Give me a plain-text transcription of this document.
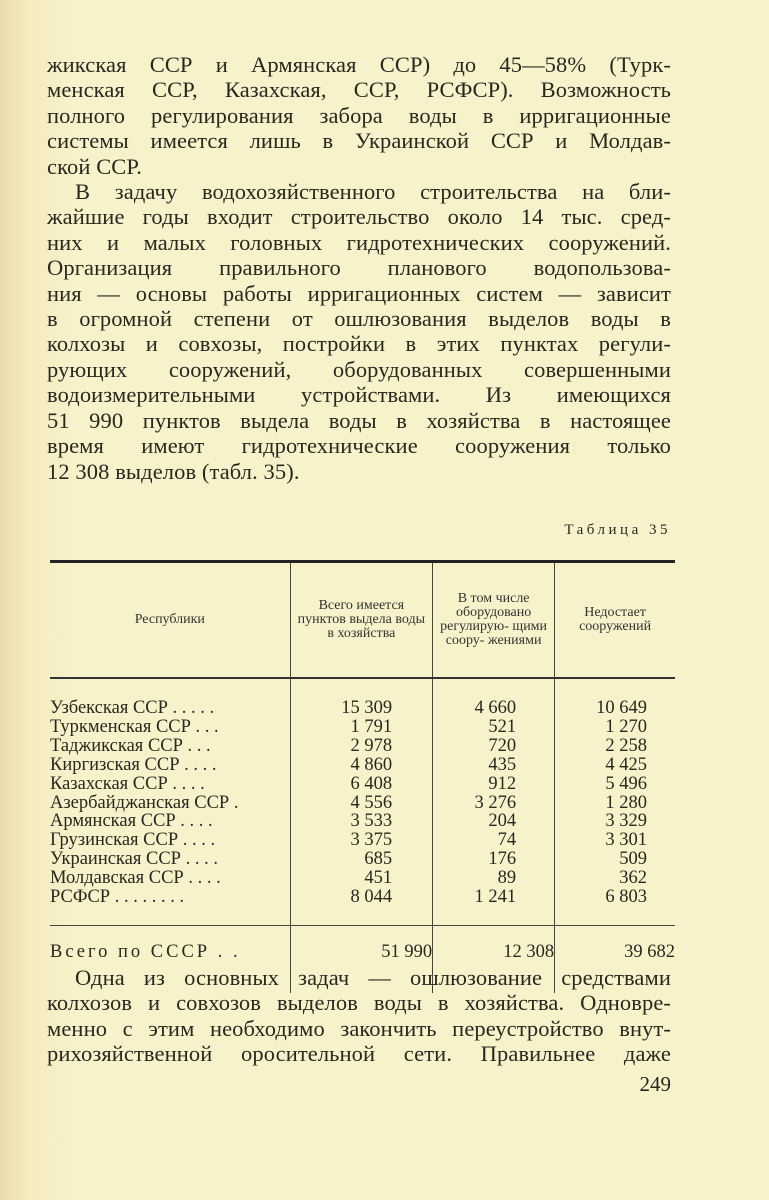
жикская ССР и Армянская ССР) до 45—58% (Турк-
менская ССР, Казахская, ССР, РСФСР). Возможность
полного регулирования забора воды в ирригационные
системы имеется лишь в Украинской ССР и Молдав-
ской ССР.

В задачу водохозяйственного строительства на бли-
жайшие годы входит строительство около 14 тыс. сред-
них и малых головных гидротехнических сооружений.
Организация правильного планового водопользова-
ния — основы работы ирригационных систем — зависит
в огромной степени от ошлюзования выделов воды в
колхозы и совхозы, постройки в этих пунктах регули-
рующих сооружений, оборудованных совершенными
водоизмерительными устройствами. Из имеющихся
51 990 пунктов выдела воды в хозяйства в настоящее
время имеют гидротехнические сооружения только
12 308 выделов (табл. 35).

Таблица 35
Республики	Всего имеется пунктов выдела воды в хозяйства	В том числе оборудовано регулирую- щими соору- жениями	Недостает сооружений

Узбекская ССР . . . . .	15 309	4 660	10 649
Туркменская ССР . . .	1 791	521	1 270
Таджикская ССР . . .	2 978	720	2 258
Киргизская ССР . . . .	4 860	435	4 425
Казахская ССР . . . .	6 408	912	5 496
Азербайджанская ССР .	4 556	3 276	1 280
Армянская ССР . . . .	3 533	204	3 329
Грузинская ССР . . . .	3 375	74	3 301
Украинская ССР . . . .	685	176	509
Молдавская ССР . . . .	451	89	362
РСФСР . . . . . . . .	8 044	1 241	6 803

Всего по СССР . .	51 990	12 308	39 682

Одна из основных задач — ошлюзование средствами
колхозов и совхозов выделов воды в хозяйства. Одновре-
менно с этим необходимо закончить переустройство внут-
рихозяйственной оросительной сети. Правильнее даже

249
